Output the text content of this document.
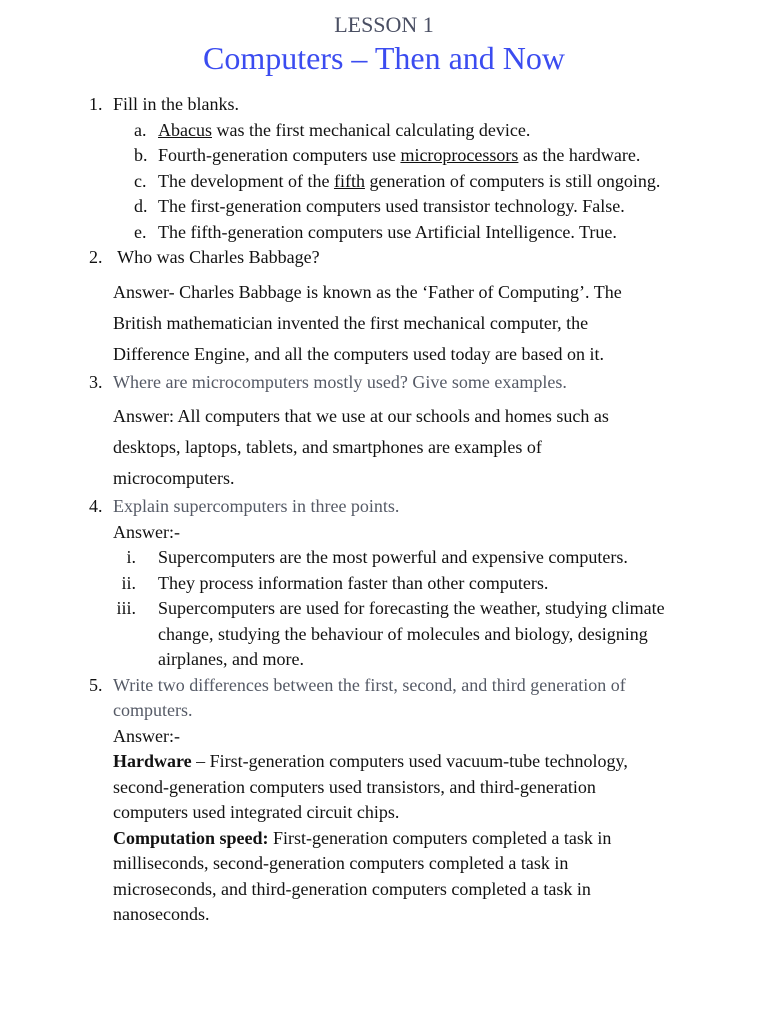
LESSON 1
Computers – Then and Now
1. Fill in the blanks.
a. Abacus was the first mechanical calculating device.
b. Fourth-generation computers use microprocessors as the hardware.
c. The development of the fifth generation of computers is still ongoing.
d. The first-generation computers used transistor technology. False.
e. The fifth-generation computers use Artificial Intelligence. True.
2. Who was Charles Babbage?
Answer- Charles Babbage is known as the ‘Father of Computing’. The British mathematician invented the first mechanical computer, the Difference Engine, and all the computers used today are based on it.
3. Where are microcomputers mostly used? Give some examples.
Answer: All computers that we use at our schools and homes such as desktops, laptops, tablets, and smartphones are examples of microcomputers.
4. Explain supercomputers in three points.
Answer:-
i. Supercomputers are the most powerful and expensive computers.
ii. They process information faster than other computers.
iii. Supercomputers are used for forecasting the weather, studying climate change, studying the behaviour of molecules and biology, designing airplanes, and more.
5. Write two differences between the first, second, and third generation of computers.
Answer:-
Hardware – First-generation computers used vacuum-tube technology, second-generation computers used transistors, and third-generation computers used integrated circuit chips.
Computation speed: First-generation computers completed a task in milliseconds, second-generation computers completed a task in microseconds, and third-generation computers completed a task in nanoseconds.
